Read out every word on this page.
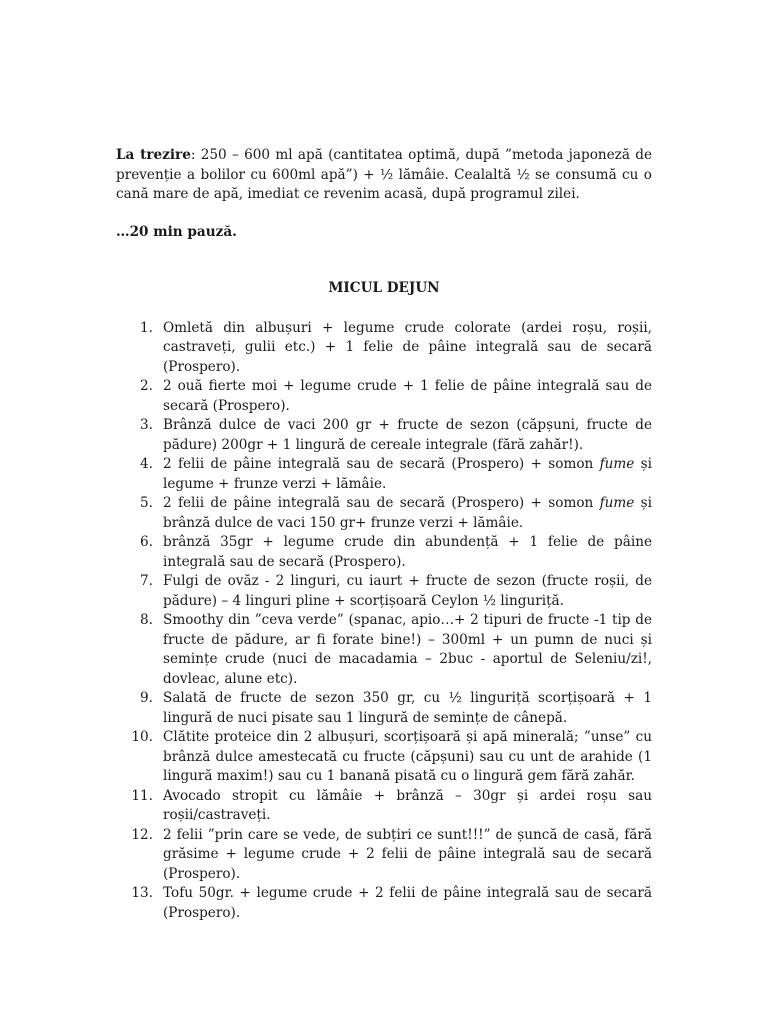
La trezire: 250 – 600 ml apă (cantitatea optimă, după ”metoda japoneză de prevenție a bolilor cu 600ml apă”) + ½ lămâie. Cealaltă ½ se consumă cu o cană mare de apă, imediat ce revenim acasă, după programul zilei.

…20 min pauză.

MICUL DEJUN

1. Omletă din albușuri + legume crude colorate (ardei roșu, roșii, castraveți, gulii etc.) + 1 felie de pâine integrală sau de secară (Prospero).
2. 2 ouă fierte moi + legume crude + 1 felie de pâine integrală sau de secară (Prospero).
3. Brânză dulce de vaci 200 gr + fructe de sezon (căpșuni, fructe de pădure) 200gr + 1 lingură de cereale integrale (fără zahăr!).
4. 2 felii de pâine integrală sau de secară (Prospero) + somon fume și legume + frunze verzi + lămâie.
5. 2 felii de pâine integrală sau de secară (Prospero) + somon fume și brânză dulce de vaci 150 gr+ frunze verzi + lămâie.
6. brânză 35gr + legume crude din abundență + 1 felie de pâine integrală sau de secară (Prospero).
7. Fulgi de ovăz - 2 linguri, cu iaurt + fructe de sezon (fructe roșii, de pădure) – 4 linguri pline + scorțișoară Ceylon ½ linguriță.
8. Smoothy din ”ceva verde” (spanac, apio…+ 2 tipuri de fructe -1 tip de fructe de pădure, ar fi forate bine!) – 300ml + un pumn de nuci și semințe crude (nuci de macadamia – 2buc - aportul de Seleniu/zi!, dovleac, alune etc).
9. Salată de fructe de sezon 350 gr, cu ½ linguriță scorțișoară + 1 lingură de nuci pisate sau 1 lingură de semințe de cânepă.
10. Clătite proteice din 2 albușuri, scorțișoară și apă minerală; ”unse” cu brânză dulce amestecată cu fructe (căpșuni) sau cu unt de arahide (1 lingură maxim!) sau cu 1 banană pisată cu o lingură gem fără zahăr.
11. Avocado stropit cu lămâie + brânză – 30gr și ardei roșu sau roșii/castraveți.
12. 2 felii ”prin care se vede, de subțiri ce sunt!!!” de șuncă de casă, fără grăsime + legume crude + 2 felii de pâine integrală sau de secară (Prospero).
13. Tofu 50gr. + legume crude + 2 felii de pâine integrală sau de secară (Prospero).
